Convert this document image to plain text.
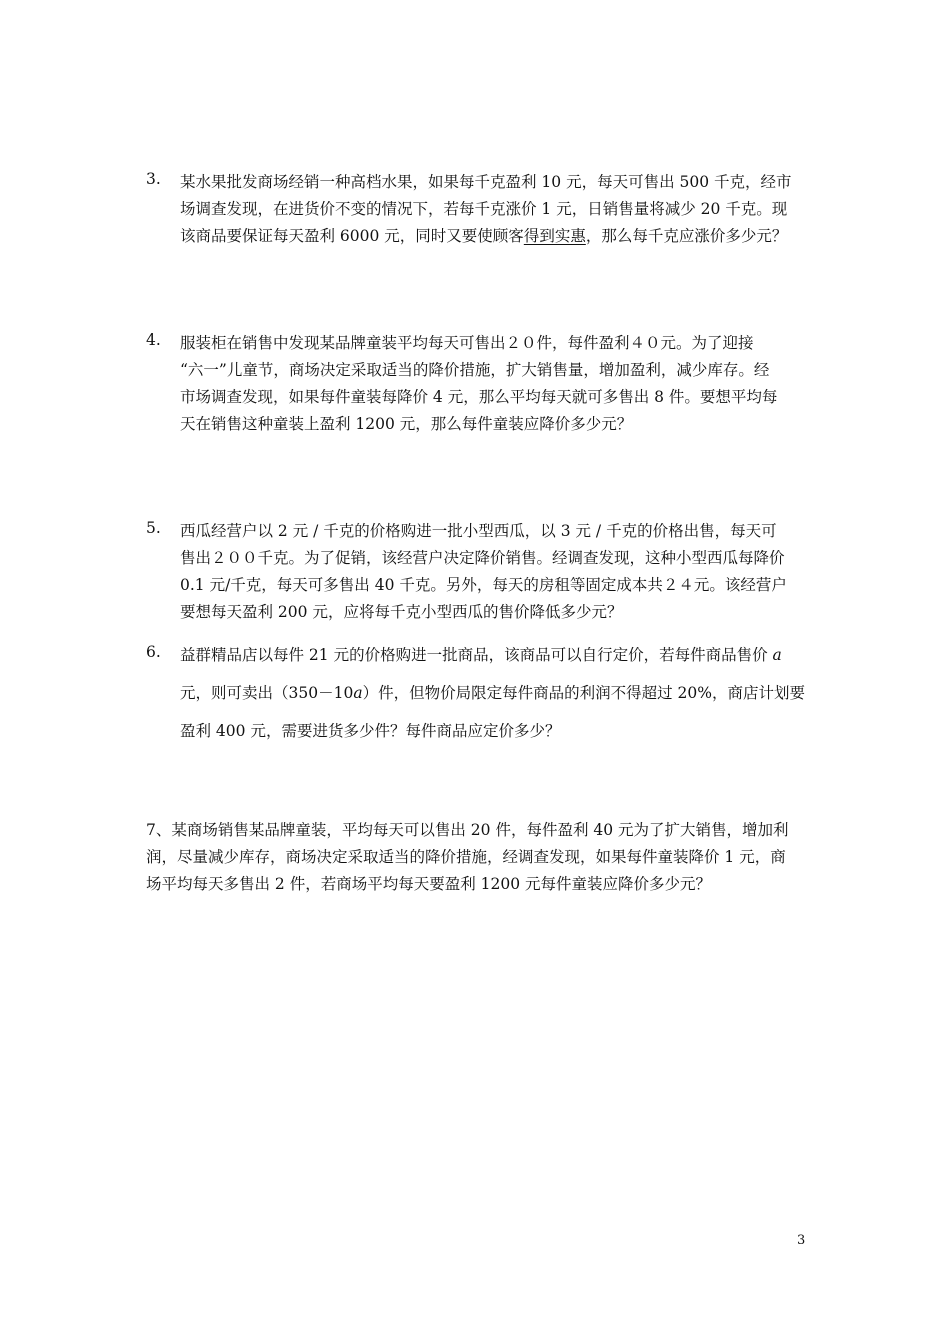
3. 某水果批发商场经销一种高档水果，如果每千克盈利 10 元，每天可售出 500 千克，经市
场调查发现，在进货价不变的情况下，若每千克涨价 1 元，日销售量将减少 20 千克。现
该商品要保证每天盈利 6000 元，同时又要使顾客得到实惠，那么每千克应涨价多少元？
4. 服装柜在销售中发现某品牌童装平均每天可售出２０件，每件盈利４０元。为了迎接
“六一”儿童节，商场决定采取适当的降价措施，扩大销售量，增加盈利，减少库存。经
市场调查发现，如果每件童装每降价 4 元，那么平均每天就可多售出 8 件。要想平均每
天在销售这种童装上盈利 1200 元，那么每件童装应降价多少元？
5. 西瓜经营户以 2 元 / 千克的价格购进一批小型西瓜，以 3 元 / 千克的价格出售，每天可
售出２００千克。为了促销，该经营户决定降价销售。经调查发现，这种小型西瓜每降价
0.1 元/千克，每天可多售出 40 千克。另外，每天的房租等固定成本共２４元。该经营户
要想每天盈利 200 元，应将每千克小型西瓜的售价降低多少元？
6. 益群精品店以每件 21 元的价格购进一批商品，该商品可以自行定价，若每件商品售价 a
元，则可卖出（350－10a）件，但物价局限定每件商品的利润不得超过 20%，商店计划要
盈利 400 元，需要进货多少件？每件商品应定价多少？
7、某商场销售某品牌童装，平均每天可以售出 20 件，每件盈利 40 元为了扩大销售，增加利
润，尽量减少库存，商场决定采取适当的降价措施，经调查发现，如果每件童装降价 1 元，商
场平均每天多售出 2 件，若商场平均每天要盈利 1200 元每件童装应降价多少元？
3
